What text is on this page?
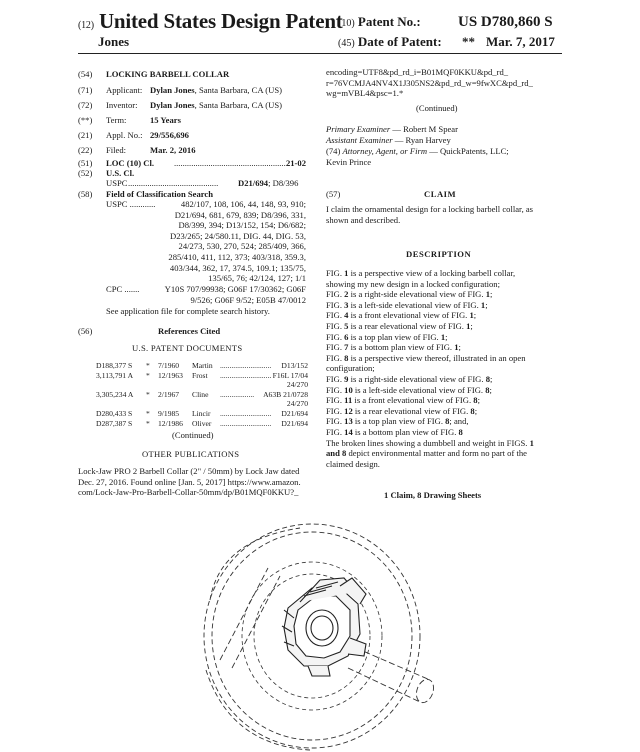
(12) United States Design Patent
Jones
(10) Patent No.: US D780,860 S
(45) Date of Patent: ** Mar. 7, 2017
(54) LOCKING BARBELL COLLAR
(71) Applicant: Dylan Jones, Santa Barbara, CA (US)
(72) Inventor: Dylan Jones, Santa Barbara, CA (US)
(**) Term:	15 Years
(21) Appl. No.: 29/556,696
(22) Filed:	Mar. 2, 2016
(51) LOC (10) Cl. ......................................................
21-02
(52) U.S. Cl.
USPC .......................................... D21/694; D8/396
(58) Field of Classification Search
USPC ............	482/107, 108, 106, 44, 148, 93, 910;
D21/694, 681, 679, 839; D8/396, 331,
D8/399, 394; D13/152, 154; D6/682;
D23/265; 24/580.11, DIG. 44, DIG. 53,
24/273, 530, 270, 524; 285/409, 366,
285/410, 411, 112, 373; 403/318, 359.3,
403/344, 362, 17, 374.5, 109.1; 135/75,
135/65, 76; 42/124, 127; 1/1
CPC .......	Y10S 707/99938; G06F 17/30362; G06F
9/526; G06F 9/52; E05B 47/0012
See application file for complete search history.
(56)	References Cited
U.S. PATENT DOCUMENTS
D188,377 S * 7/1960 Martin ........................... D13/152
3,113,791 A * 12/1963 Frost ........................... F16L 17/04
24/270
3,305,234 A * 2/1967 Cline .................. A63B 21/0728
24/270
D280,433 S * 9/1985 Lincir ........................... D21/694
D287,387 S * 12/1986 Oliver ........................... D21/694
(Continued)
OTHER PUBLICATIONS
Lock-Jaw PRO 2 Barbell Collar (2" / 50mm) by Lock Jaw dated
Dec. 27, 2016. Found online [Jan. 5, 2017] https://www.amazon.
com/Lock-Jaw-Pro-Barbell-Collar-50mm/dp/B01MQF0KKU?_
encoding=UTF8&pd_rd_i=B01MQF0KKU&pd_rd_
r=76VCMJA4NV4X1J305NS2&pd_rd_w=9fwXC&pd_rd_
wg=mVBL4&psc=1.*
(Continued)
Primary Examiner — Robert M Spear
Assistant Examiner — Ryan Harvey
(74) Attorney, Agent, or Firm — QuickPatents, LLC;
Kevin Prince
(57)	CLAIM
I claim the ornamental design for a locking barbell collar, as
shown and described.
DESCRIPTION
FIG. 1 is a perspective view of a locking barbell collar,
showing my new design in a locked configuration;
FIG. 2 is a right-side elevational view of FIG. 1;
FIG. 3 is a left-side elevational view of FIG. 1;
FIG. 4 is a front elevational view of FIG. 1;
FIG. 5 is a rear elevational view of FIG. 1;
FIG. 6 is a top plan view of FIG. 1;
FIG. 7 is a bottom plan view of FIG. 1;
FIG. 8 is a perspective view thereof, illustrated in an open
configuration;
FIG. 9 is a right-side elevational view of FIG. 8;
FIG. 10 is a left-side elevational view of FIG. 8;
FIG. 11 is a front elevational view of FIG. 8;
FIG. 12 is a rear elevational view of FIG. 8;
FIG. 13 is a top plan view of FIG. 8; and,
FIG. 14 is a bottom plan view of FIG. 8
The broken lines showing a dumbbell and weight in FIGS. 1
and 8 depict environmental matter and form no part of the
claimed design.
1 Claim, 8 Drawing Sheets
